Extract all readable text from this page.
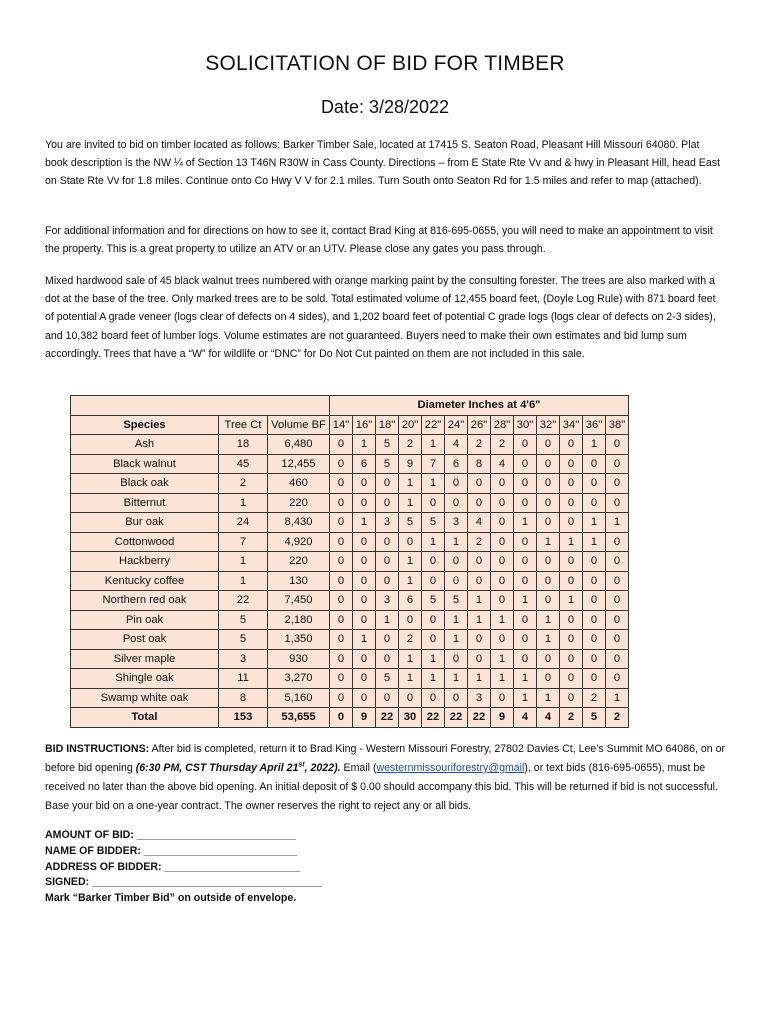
SOLICITATION OF BID FOR TIMBER
Date: 3/28/2022

You are invited to bid on timber located as follows: Barker Timber Sale, located at 17415 S. Seaton Road, Pleasant Hill Missouri 64080. Plat book description is the NW ¼ of Section 13 T46N R30W in Cass County. Directions – from E State Rte Vv and & hwy in Pleasant Hill, head East on State Rte Vv for 1.8 miles. Continue onto Co Hwy V V for 2.1 miles. Turn South onto Seaton Rd for 1.5 miles and refer to map (attached).

For additional information and for directions on how to see it, contact Brad King at 816-695-0655, you will need to make an appointment to visit the property. This is a great property to utilize an ATV or an UTV. Please close any gates you pass through.

Mixed hardwood sale of 45 black walnut trees numbered with orange marking paint by the consulting forester. The trees are also marked with a dot at the base of the tree. Only marked trees are to be sold. Total estimated volume of 12,455 board feet, (Doyle Log Rule) with 871 board feet of potential A grade veneer (logs clear of defects on 4 sides), and 1,202 board feet of potential C grade logs (logs clear of defects on 2-3 sides), and 10,382 board feet of lumber logs. Volume estimates are not guaranteed. Buyers need to make their own estimates and bid lump sum accordingly. Trees that have a “W” for wildlife or “DNC” for Do Not Cut painted on them are not included in this sale.

			Diameter Inches at 4'6"												
Species	Tree Ct	Volume BF	14"	16"	18"	20"	22"	24"	26"	28"	30"	32"	34"	36"	38"
Ash	18	6,480	0	1	5	2	1	4	2	2	0	0	0	1	0
Black walnut	45	12,455	0	6	5	9	7	6	8	4	0	0	0	0	0
Black oak	2	460	0	0	0	1	1	0	0	0	0	0	0	0	0
Bitternut	1	220	0	0	0	1	0	0	0	0	0	0	0	0	0
Bur oak	24	8,430	0	1	3	5	5	3	4	0	1	0	0	1	1
Cottonwood	7	4,920	0	0	0	0	1	1	2	0	0	1	1	1	0
Hackberry	1	220	0	0	0	1	0	0	0	0	0	0	0	0	0
Kentucky coffee	1	130	0	0	0	1	0	0	0	0	0	0	0	0	0
Northern red oak	22	7,450	0	0	3	6	5	5	1	0	1	0	1	0	0
Pin oak	5	2,180	0	0	1	0	0	1	1	1	0	1	0	0	0
Post oak	5	1,350	0	1	0	2	0	1	0	0	0	1	0	0	0
Silver maple	3	930	0	0	0	1	1	0	0	1	0	0	0	0	0
Shingle oak	11	3,270	0	0	5	1	1	1	1	1	1	0	0	0	0
Swamp white oak	8	5,160	0	0	0	0	0	0	3	0	1	1	0	2	1
Total	153	53,655	0	9	22	30	22	22	22	9	4	4	2	5	2

BID INSTRUCTIONS: After bid is completed, return it to Brad King - Western Missouri Forestry, 27802 Davies Ct, Lee’s Summit MO 64086, on or before bid opening (6:30 PM, CST Thursday April 21st, 2022). Email (westernmissouriforestry@gmail), or text bids (816-695-0655), must be received no later than the above bid opening. An initial deposit of $ 0.00 should accompany this bid. This will be returned if bid is not successful. Base your bid on a one-year contract. The owner reserves the right to reject any or all bids.

AMOUNT OF BID: ___________________________
NAME OF BIDDER: __________________________
ADDRESS OF BIDDER: _______________________
SIGNED: _______________________________________
Mark “Barker Timber Bid” on outside of envelope.
